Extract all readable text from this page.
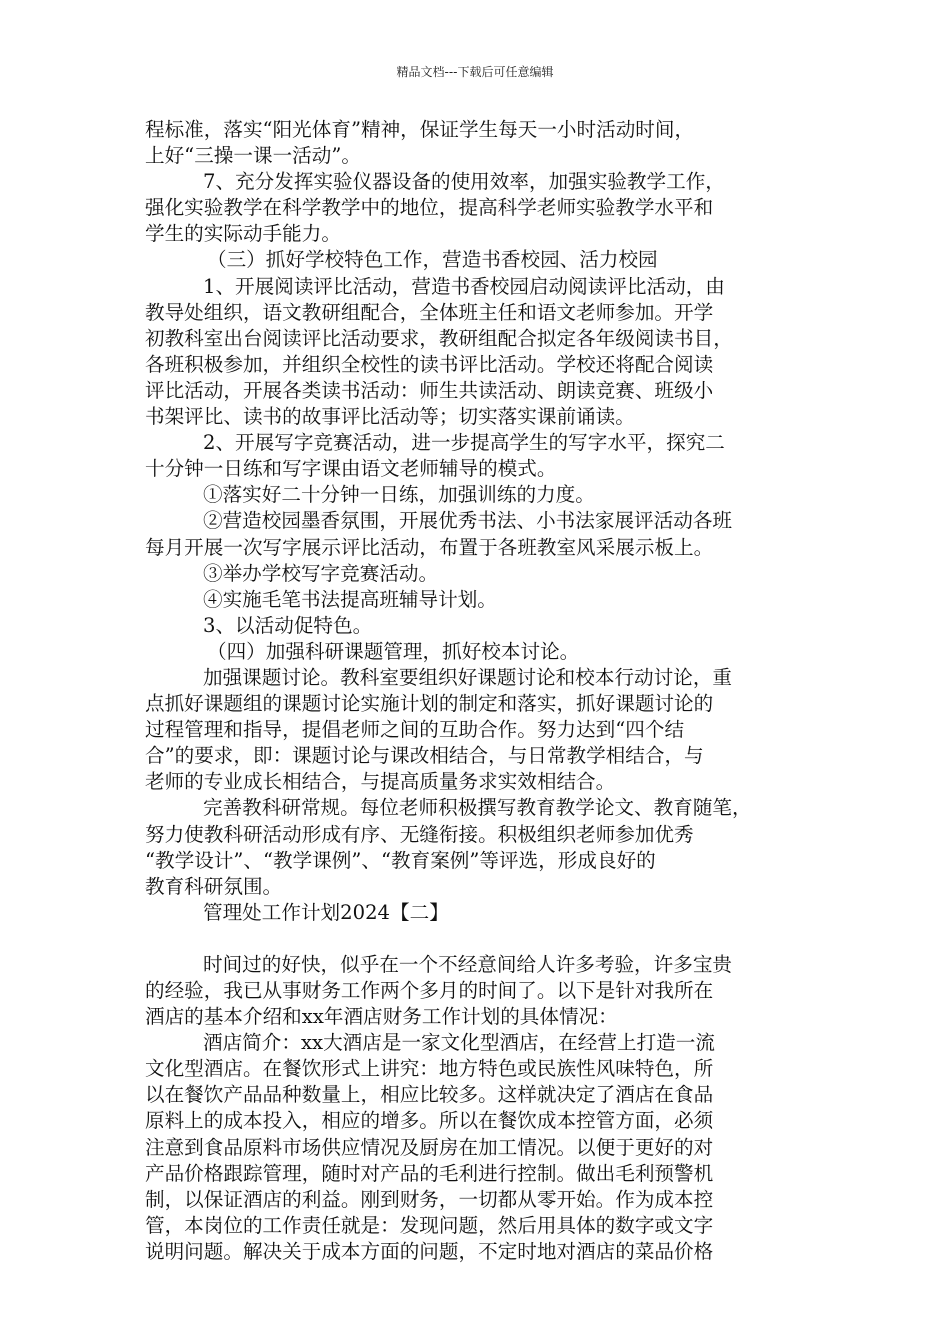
精品文档---下载后可任意编辑

程标准，落实“阳光体育”精神，保证学生每天一小时活动时间，

上好“三操一课一活动”。

7、充分发挥实验仪器设备的使用效率，加强实验教学工作，

强化实验教学在科学教学中的地位，提高科学老师实验教学水平和

学生的实际动手能力。

（三）抓好学校特色工作，营造书香校园、活力校园

1、开展阅读评比活动，营造书香校园启动阅读评比活动，由

教导处组织，语文教研组配合，全体班主任和语文老师参加。开学

初教科室出台阅读评比活动要求，教研组配合拟定各年级阅读书目，

各班积极参加，并组织全校性的读书评比活动。学校还将配合阅读

评比活动，开展各类读书活动：师生共读活动、朗读竞赛、班级小

书架评比、读书的故事评比活动等；切实落实课前诵读。

2、开展写字竞赛活动，进一步提高学生的写字水平，探究二

十分钟一日练和写字课由语文老师辅导的模式。

①落实好二十分钟一日练，加强训练的力度。

②营造校园墨香氛围，开展优秀书法、小书法家展评活动各班

每月开展一次写字展示评比活动，布置于各班教室风采展示板上。

③举办学校写字竞赛活动。

④实施毛笔书法提高班辅导计划。

3、以活动促特色。

（四）加强科研课题管理，抓好校本讨论。

加强课题讨论。教科室要组织好课题讨论和校本行动讨论，重

点抓好课题组的课题讨论实施计划的制定和落实，抓好课题讨论的

过程管理和指导，提倡老师之间的互助合作。努力达到“四个结

合”的要求，即：课题讨论与课改相结合，与日常教学相结合，与

老师的专业成长相结合，与提高质量务求实效相结合。

完善教科研常规。每位老师积极撰写教育教学论文、教育随笔，

努力使教科研活动形成有序、无缝衔接。积极组织老师参加优秀

“教学设计”、“教学课例”、“教育案例”等评选，形成良好的

教育科研氛围。

管理处工作计划2024【二】

时间过的好快，似乎在一个不经意间给人许多考验，许多宝贵

的经验，我已从事财务工作两个多月的时间了。以下是针对我所在

酒店的基本介绍和xx年酒店财务工作计划的具体情况：

酒店简介：xx大酒店是一家文化型酒店，在经营上打造一流

文化型酒店。在餐饮形式上讲究：地方特色或民族性风味特色，所

以在餐饮产品品种数量上，相应比较多。这样就决定了酒店在食品

原料上的成本投入，相应的增多。所以在餐饮成本控管方面，必须

注意到食品原料市场供应情况及厨房在加工情况。以便于更好的对

产品价格跟踪管理，随时对产品的毛利进行控制。做出毛利预警机

制，以保证酒店的利益。刚到财务，一切都从零开始。作为成本控

管，本岗位的工作责任就是：发现问题，然后用具体的数字或文字

说明问题。解决关于成本方面的问题，不定时地对酒店的菜品价格
